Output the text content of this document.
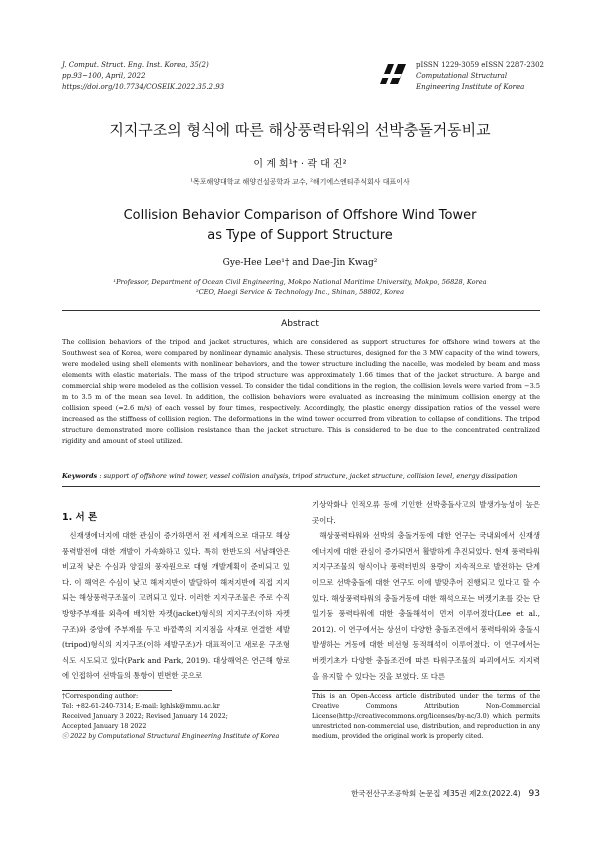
J. Comput. Struct. Eng. Inst. Korea, 35(2)
pp.93~100, April, 2022
https://doi.org/10.7734/COSEIK.2022.35.2.93
pISSN 1229-3059 eISSN 2287-2302
Computational Structural
Engineering Institute of Korea
지지구조의 형식에 따른 해상풍력타워의 선박충돌거동비교
이 계 희¹† · 곽 대 진²
¹목포해양대학교 해양건설공학과 교수, ²해기에스엔티주식회사 대표이사
Collision Behavior Comparison of Offshore Wind Tower
as Type of Support Structure
Gye-Hee Lee¹† and Dae-Jin Kwag²
¹Professor, Department of Ocean Civil Engineering, Mokpo National Maritime University, Mokpo, 56828, Korea
²CEO, Haegi Service & Technology Inc., Shinan, 58802, Korea
Abstract
The collision behaviors of the tripod and jacket structures, which are considered as support structures for offshore wind towers at the Southwest sea of Korea, were compared by nonlinear dynamic analysis. These structures, designed for the 3 MW capacity of the wind towers, were modeled using shell elements with nonlinear behaviors, and the tower structure including the nacelle, was modeled by beam and mass elements with elastic materials. The mass of the tripod structure was approximately 1.66 times that of the jacket structure. A barge and commercial ship were modeled as the collision vessel. To consider the tidal conditions in the region, the collision levels were varied from −3.5 m to 3.5 m of the mean sea level. In addition, the collision behaviors were evaluated as increasing the minimum collision energy at the collision speed (=2.6 m/s) of each vessel by four times, respectively. Accordingly, the plastic energy dissipation ratios of the vessel were increased as the stiffness of collision region. The deformations in the wind tower occurred from vibration to collapse of conditions. The tripod structure demonstrated more collision resistance than the jacket structure. This is considered to be due to the concentrated centralized rigidity and amount of steel utilized.
Keywords : support of offshore wind tower, vessel collision analysis, tripod structure, jacket structure, collision level, energy dissipation
1. 서 론

신재생에너지에 대한 관심이 증가하면서 전 세계적으로 대규모 해상풍력발전에 대한 개발이 가속화하고 있다. 특히 한반도의 서남해안은 비교적 낮은 수심과 양질의 풍자원으로 대형 개발계획이 준비되고 있다. 이 해역은 수심이 낮고 해저지반이 발달하여 해저지반에 직접 지지되는 해상풍력구조물이 고려되고 있다. 이러한 지지구조물은 주로 수직방향주부재를 외측에 배치한 자켓(jacket)형식의 지지구조(이하 자켓구조)와 중앙에 주부재를 두고 바깥쪽의 지지점을 사재로 연결한 세발(tripod)형식의 지지구조(이하 세발구조)가 대표적이고 새로운 구조형식도 시도되고 있다(Park and Park, 2019). 대상해역은 연근해 항로에 인접하여 선박들의 통항이 빈번한 곳으로

기상악화나 인적오류 등에 기인한 선박충돌사고의 발생가능성이 높은 곳이다.

해상풍력타워와 선박의 충돌거동에 대한 연구는 국내외에서 신재생에너지에 대한 관심이 증가되면서 활발하게 추진되었다. 현재 풍력타워 지지구조물의 형식이나 풍력터빈의 용량이 지속적으로 발전하는 단계이므로 선박충돌에 대한 연구도 이에 발맞추어 진행되고 있다고 할 수 있다. 해상풍력타워의 충돌거동에 대한 해석으로는 버켓기초를 갖는 단일기둥 풍력타워에 대한 충돌해석이 먼저 이루어졌다(Lee et al., 2012). 이 연구에서는 상선이 다양한 충돌조건에서 풍력타워와 충돌시 발생하는 거동에 대한 비선형 동적해석이 이루어졌다. 이 연구에서는 버켓기초가 다양한 충돌조건에 따른 타워구조물의 파괴에서도 지지력을 유지할 수 있다는 것을 보였다. 또 다른

†Corresponding author:
Tel: +82-61-240-7314; E-mail: lghlsk@mmu.ac.kr
Received January 3 2022; Revised January 14 2022;
Accepted January 18 2022
ⓒ 2022 by Computational Structural Engineering Institute of Korea
This is an Open-Access article distributed under the terms of the Creative Commons Attribution Non-Commercial License(http://creativecommons.org/licenses/by-nc/3.0) which permits unrestricted non-commercial use, distribution, and reproduction in any medium, provided the original work is properly cited.
한국전산구조공학회 논문집 제35권 제2호(2022.4) 93
